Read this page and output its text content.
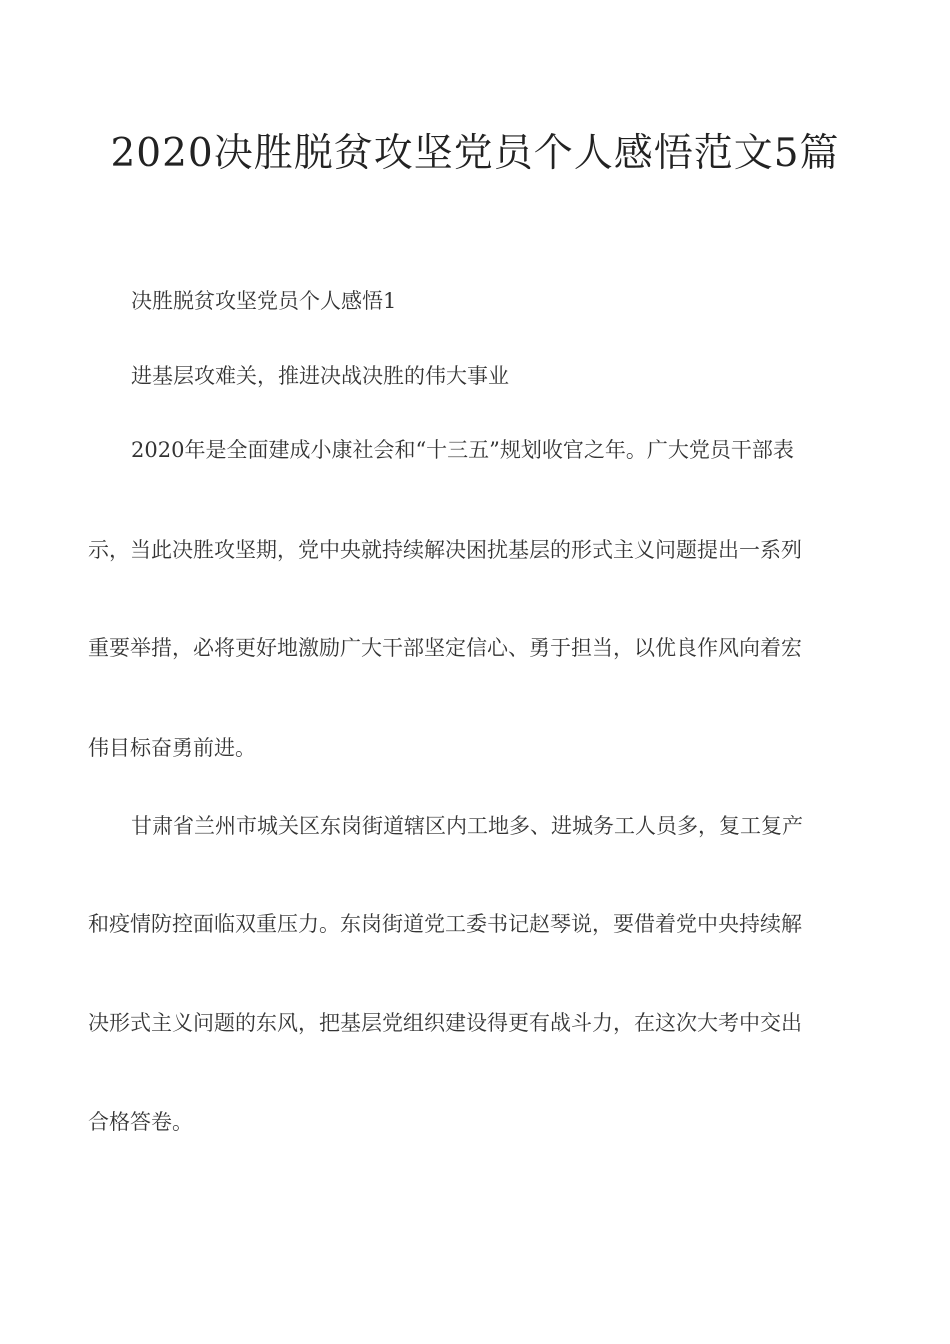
2020决胜脱贫攻坚党员个人感悟范文5篇
决胜脱贫攻坚党员个人感悟1
进基层攻难关，推进决战决胜的伟大事业
2020年是全面建成小康社会和“十三五”规划收官之年。广大党员干部表
示，当此决胜攻坚期，党中央就持续解决困扰基层的形式主义问题提出一系列
重要举措，必将更好地激励广大干部坚定信心、勇于担当，以优良作风向着宏
伟目标奋勇前进。
甘肃省兰州市城关区东岗街道辖区内工地多、进城务工人员多，复工复产
和疫情防控面临双重压力。东岗街道党工委书记赵琴说，要借着党中央持续解
决形式主义问题的东风，把基层党组织建设得更有战斗力，在这次大考中交出
合格答卷。
